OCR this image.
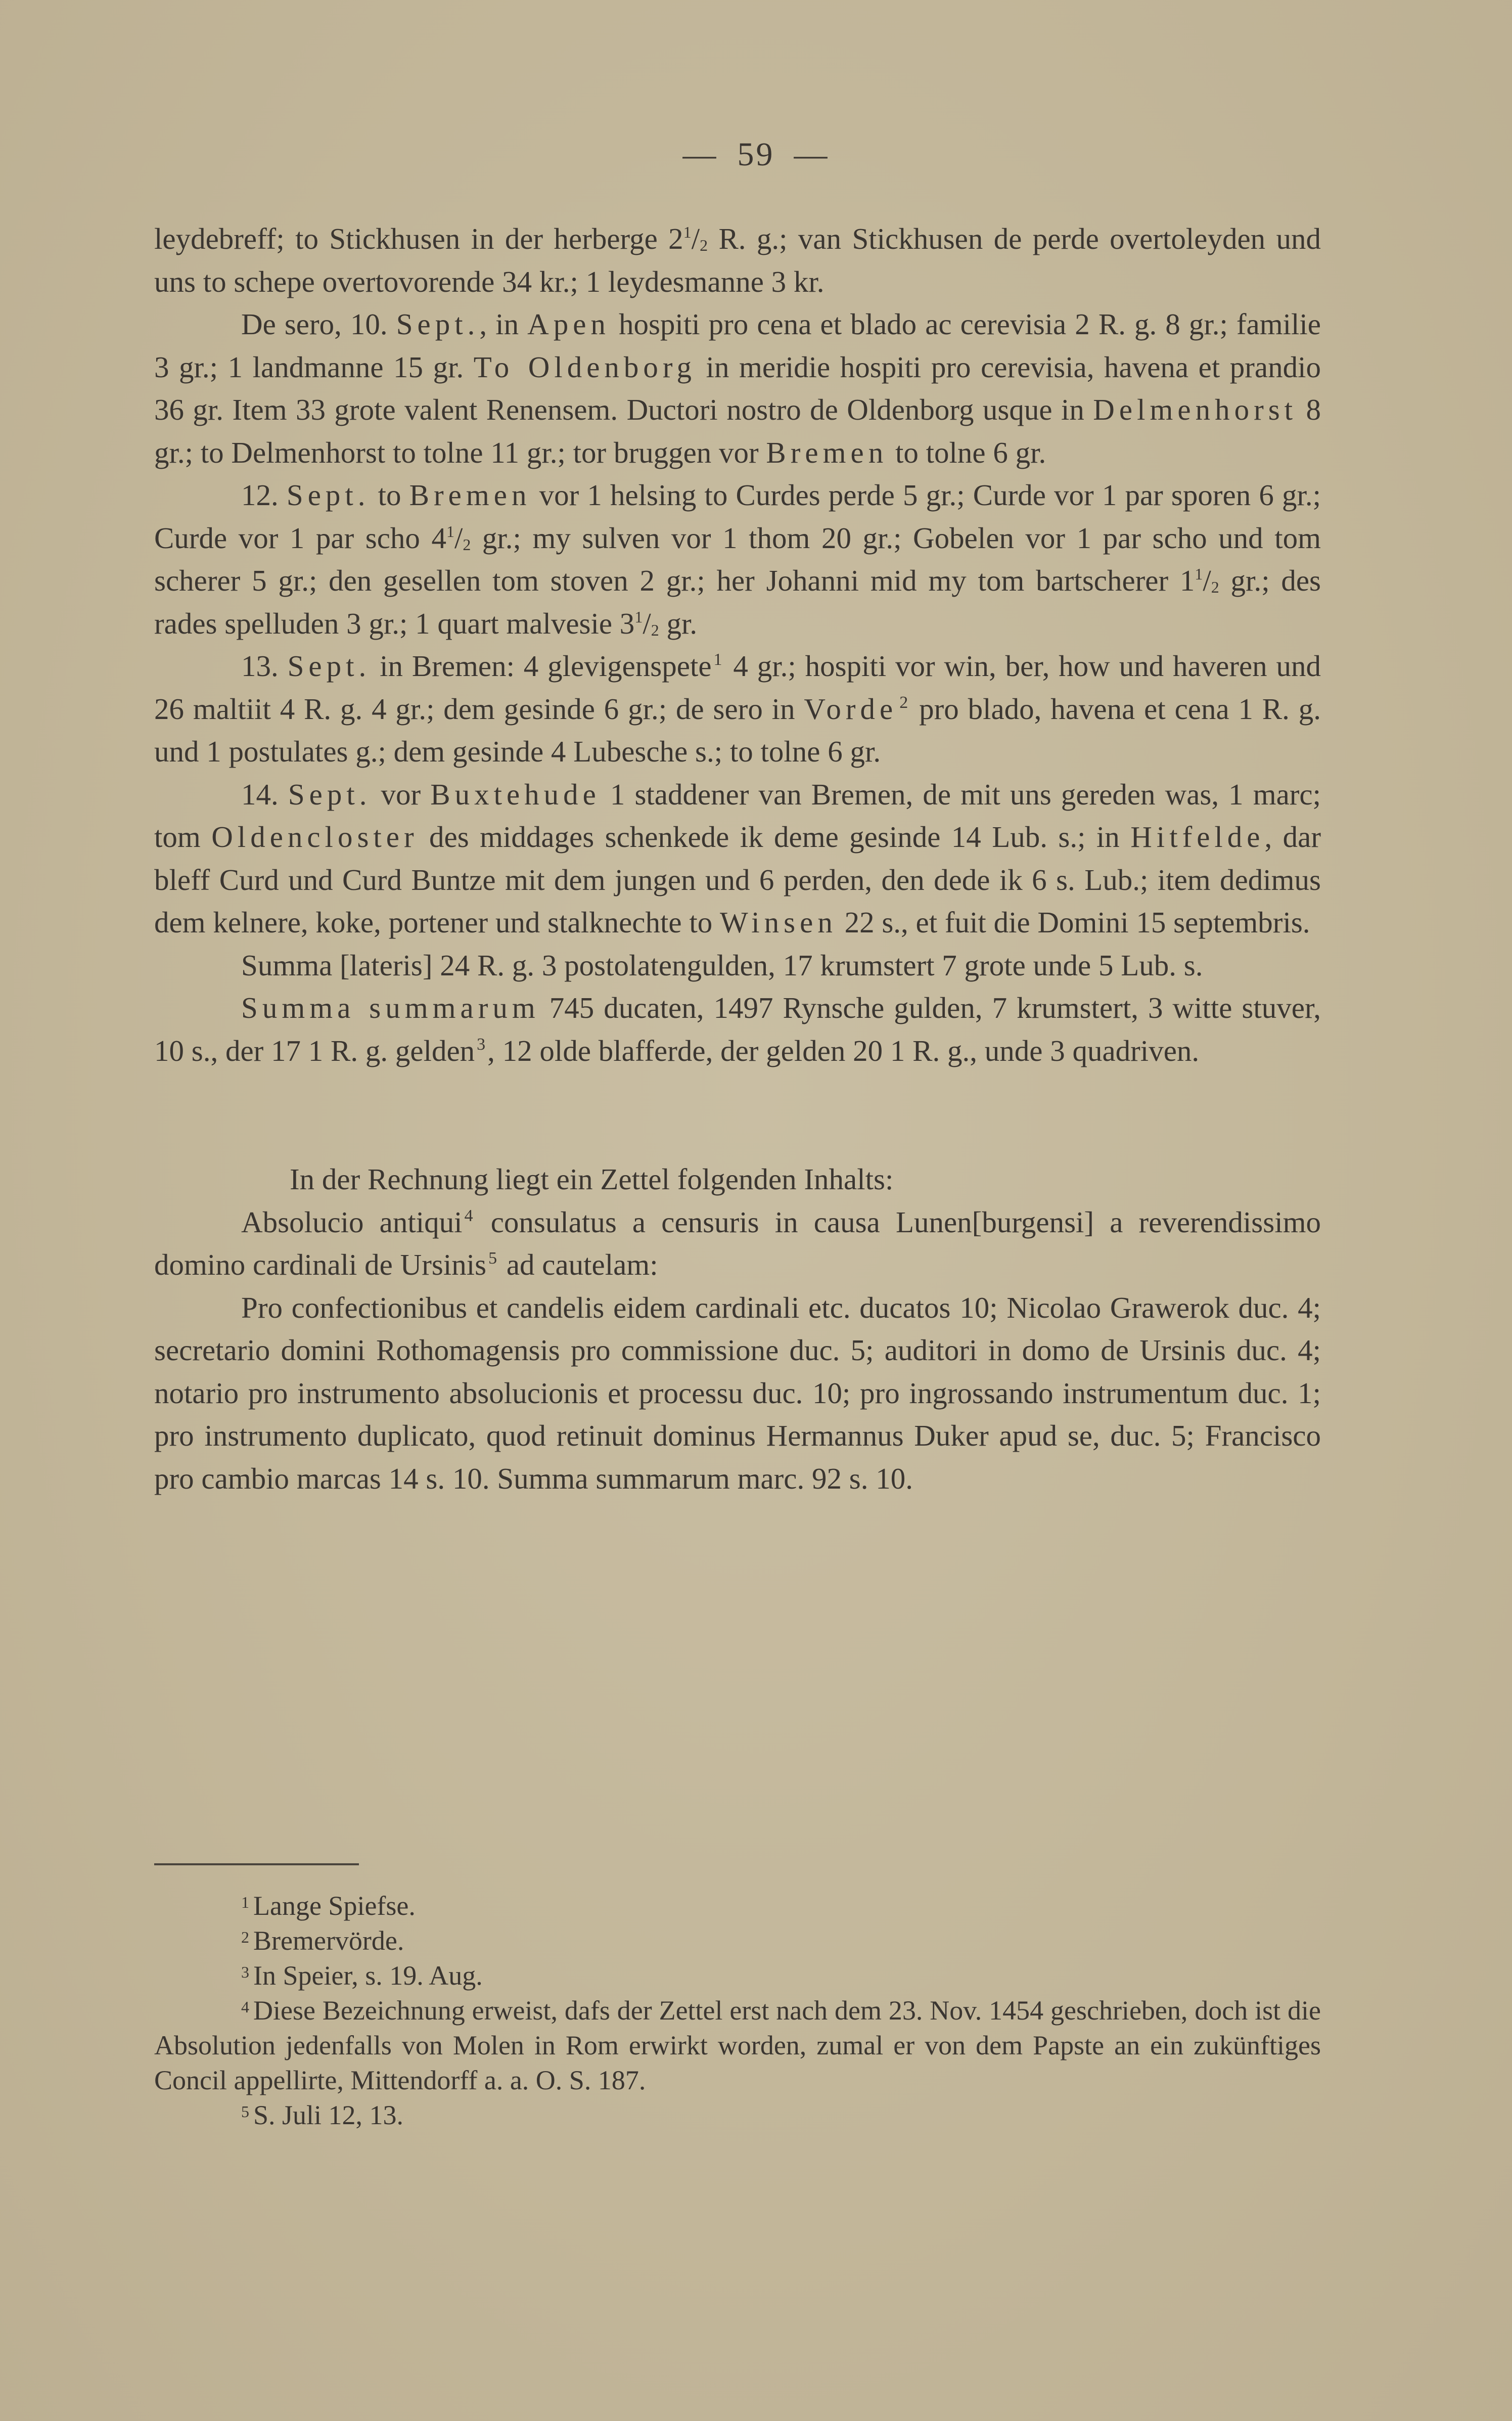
— 59 —

leydebreff; to Stickhusen in der herberge $2^1/_2$ R. g.; van Stickhusen de perde overtoleyden und uns to schepe overtovorende 34 kr.; 1 leydesmanne 3 kr.

De sero, 10. Sept., in Apen hospiti pro cena et blado ac cerevisia 2 R. g. 8 gr.; familie 3 gr.; 1 landmanne 15 gr. To Oldenborg in meridie hospiti pro cerevisia, havena et prandio 36 gr. Item 33 grote valent Renensem. Ductori nostro de Oldenborg usque in Delmenhorst 8 gr.; to Delmenhorst to tolne 11 gr.; tor bruggen vor Bremen to tolne 6 gr.

12. Sept. to Bremen vor 1 helsing to Curdes perde 5 gr.; Curde vor 1 par sporen 6 gr.; Curde vor 1 par scho $4^1/_2$ gr.; my sulven vor 1 thom 20 gr.; Gobelen vor 1 par scho und tom scherer 5 gr.; den gesellen tom stoven 2 gr.; her Johanni mid my tom bartscherer $1^1/_2$ gr.; des rades spelluden 3 gr.; 1 quart malvesie $3^1/_2$ gr.

13. Sept. in Bremen: 4 glevigenspete $^1$ 4 gr.; hospiti vor win, ber, how und haveren und 26 maltiit 4 R. g. 4 gr.; dem gesinde 6 gr.; de sero in Vorde $^2$ pro blado, havena et cena 1 R. g. und 1 postulates g.; dem gesinde 4 Lubesche s.; to tolne 6 gr.

14. Sept. vor Buxtehude 1 staddener van Bremen, de mit uns gereden was, 1 marc; tom Oldencloster des middages schenkede ik deme gesinde 14 Lub. s.; in Hitfelde, dar bleff Curd und Curd Buntze mit dem jungen und 6 perden, den dede ik 6 s. Lub.; item dedimus dem kelnere, koke, portener und stalknechte to Winsen 22 s., et fuit die Domini 15 septembris.

Summa [lateris] 24 R. g. 3 postolatengulden, 17 krumstert 7 grote unde 5 Lub. s.

Summa summarum 745 ducaten, 1497 Rynsche gulden, 7 krumstert, 3 witte stuver, 10 s., der 17 1 R. g. gelden $^3$, 12 olde blafferde, der gelden 20 1 R. g., unde 3 quadriven.

In der Rechnung liegt ein Zettel folgenden Inhalts:

Absolucio antiqui $^4$ consulatus a censuris in causa Lunen[burgensi] a reverendissimo domino cardinali de Ursinis $^5$ ad cautelam:

Pro confectionibus et candelis eidem cardinali etc. ducatos 10; Nicolao Grawerok duc. 4; secretario domini Rothomagensis pro commissione duc. 5; auditori in domo de Ursinis duc. 4; notario pro instrumento absolucionis et processu duc. 10; pro ingrossando instrumentum duc. 1; pro instrumento duplicato, quod retinuit dominus Hermannus Duker apud se, duc. 5; Francisco pro cambio marcas 14 s. 10. Summa summarum marc. 92 s. 10.

$^1$ Lange Spiefse.

$^2$ Bremervörde.

$^3$ In Speier, s. 19. Aug.

$^4$ Diese Bezeichnung erweist, dafs der Zettel erst nach dem 23. Nov. 1454 geschrieben, doch ist die Absolution jedenfalls von Molen in Rom erwirkt worden, zumal er von dem Papste an ein zukünftiges Concil appellirte, Mittendorff a. a. O. S. 187.

$^5$ S. Juli 12, 13.
